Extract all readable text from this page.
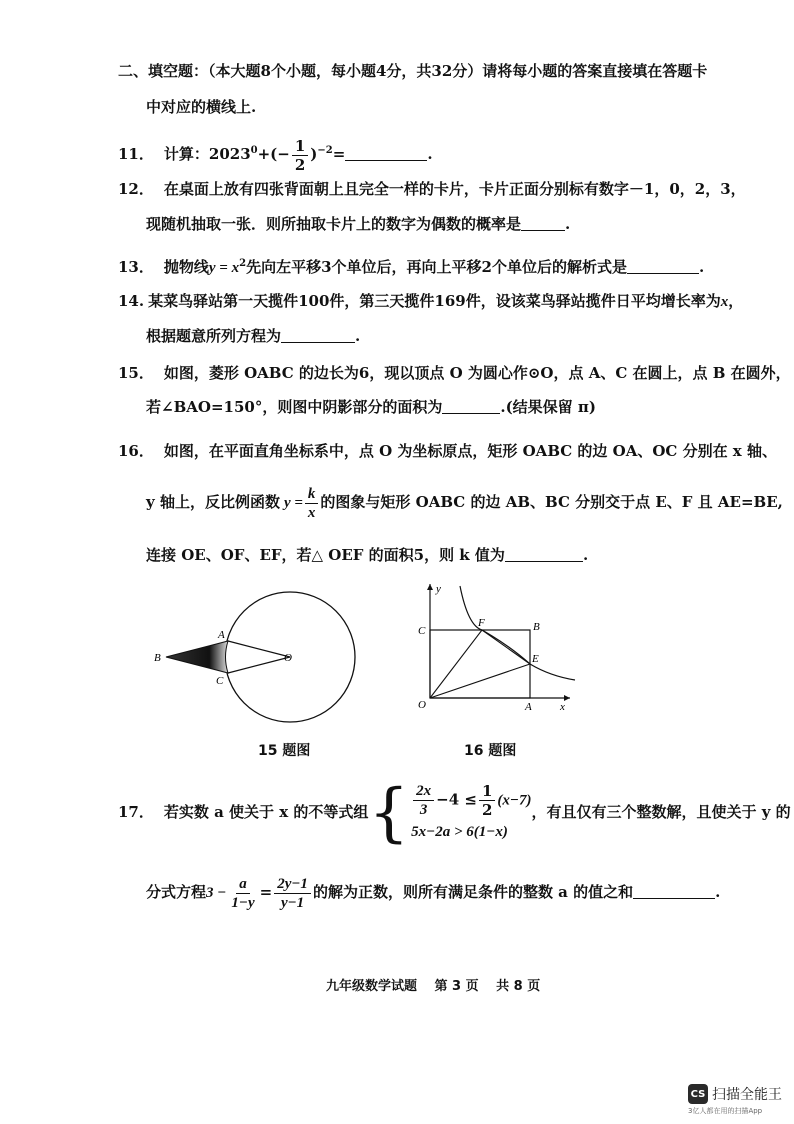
二、填空题：（本大题8个小题，每小题4分，共32分）请将每小题的答案直接填在答题卡
中对应的横线上.
11． 计算：$2023^0+(- \frac{1}{2} )^{-2}=$	.
12． 在桌面上放有四张背面朝上且完全一样的卡片，卡片正面分别标有数字－1，0，2，3，
现随机抽取一张．则所抽取卡片上的数字为偶数的概率是	.
13． 抛物线$y = x^2$先向左平移3个单位后，再向上平移2个单位后的解析式是	.
14. 某菜鸟驿站第一天揽件100件，第三天揽件169件，设该菜鸟驿站揽件日平均增长率为x，
根据题意所列方程为	.
15． 如图，菱形 OABC 的边长为6，现以顶点 O 为圆心作⊙O，点 A、C 在圆上，点 B 在圆外，
若∠BAO=150°，则图中阴影部分的面积为	.(结果保留 π)
16． 如图，在平面直角坐标系中，点 O 为坐标原点，矩形 OABC 的边 OA、OC 分别在 x 轴、
y 轴上，反比例函数 $y = \frac{k}{x}$ 的图象与矩形 OABC 的边 AB、BC 分别交于点 E、F 且 AE=BE,
连接 OE、OF、EF，若△ OEF 的面积5，则 k 值为	.
B
A
C
O
15 题图
y
x
O	A
B
C
E
F
16 题图
17． 若实数 a 使关于 x 的不等式组{ $\frac{2x}{3} -4 \le \frac{1}{2} (x-7)$
5x−2a > 6(1−x)
，有且仅有三个整数解，且使关于 y 的
分式方程$3 - \frac{a}{1-y} = \frac{2y-1}{y-1}$ 的解为正数，则所有满足条件的整数 a 的值之和	.
九年级数学试题　 第 3 页　 共 8 页
CS 扫描全能王
3亿人都在用的扫描App
